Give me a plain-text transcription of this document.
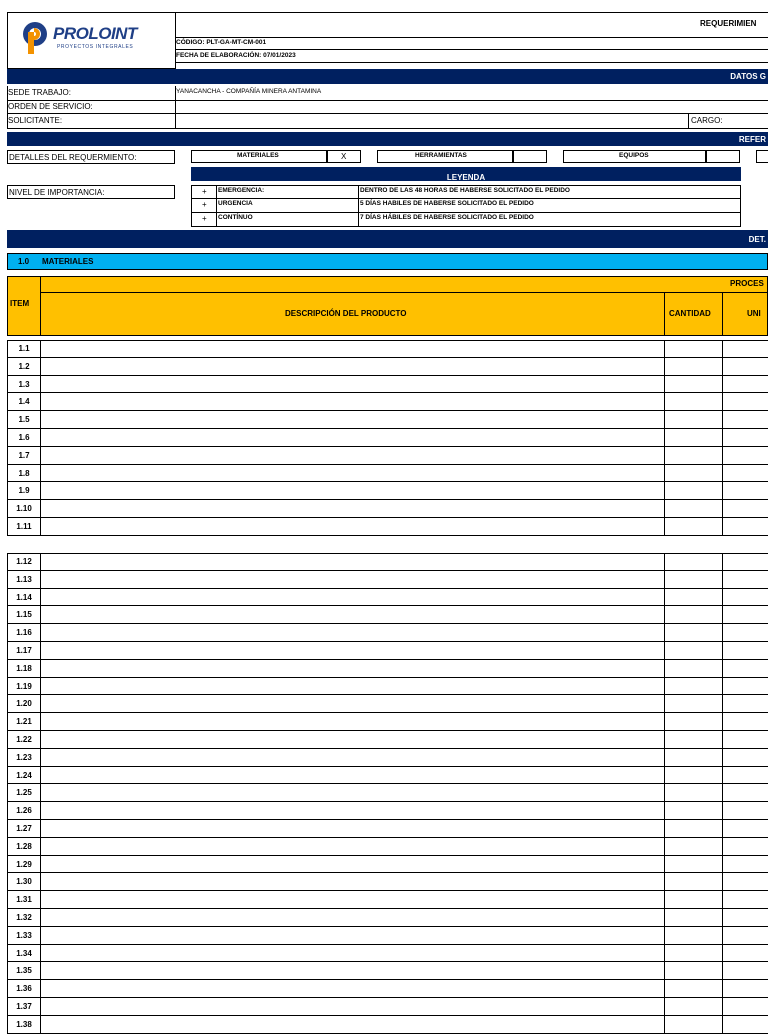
PROLOINT
PROYECTOS INTEGRALES
REQUERIMIEN
CÓDIGO: PLT-GA-MT-CM-001
FECHA DE ELABORACIÓN: 07/01/2023
DATOS G
SEDE TRABAJO:	YANACANCHA - COMPAÑÍA MINERA ANTAMINA
ORDEN DE SERVICIO:
SOLICITANTE:	CARGO:
REFER
DETALLES DEL REQUERMIENTO:	MATERIALES	X	HERRAMIENTAS	EQUIPOS
LEYENDA
NIVEL DE IMPORTANCIA:	+ EMERGENCIA:	DENTRO DE LAS 48 HORAS DE HABERSE SOLICITADO EL PEDIDO
+ URGENCIA	5 DÍAS HABILES DE HABERSE SOLICITADO EL PEDIDO
+ CONTÍNUO	7 DÍAS HÁBILES DE HABERSE SOLICITADO EL PEDIDO
DET.
1.0 MATERIALES
PROCES
ITEM
DESCRIPCIÓN DEL PRODUCTO	CANTIDAD	UNI
1.1
1.2
1.3
1.4
1.5
1.6
1.7
1.8
1.9
1.10
1.11
1.12
1.13
1.14
1.15
1.16
1.17
1.18
1.19
1.20
1.21
1.22
1.23
1.24
1.25
1.26
1.27
1.28
1.29
1.30
1.31
1.32
1.33
1.34
1.35
1.36
1.37
1.38
